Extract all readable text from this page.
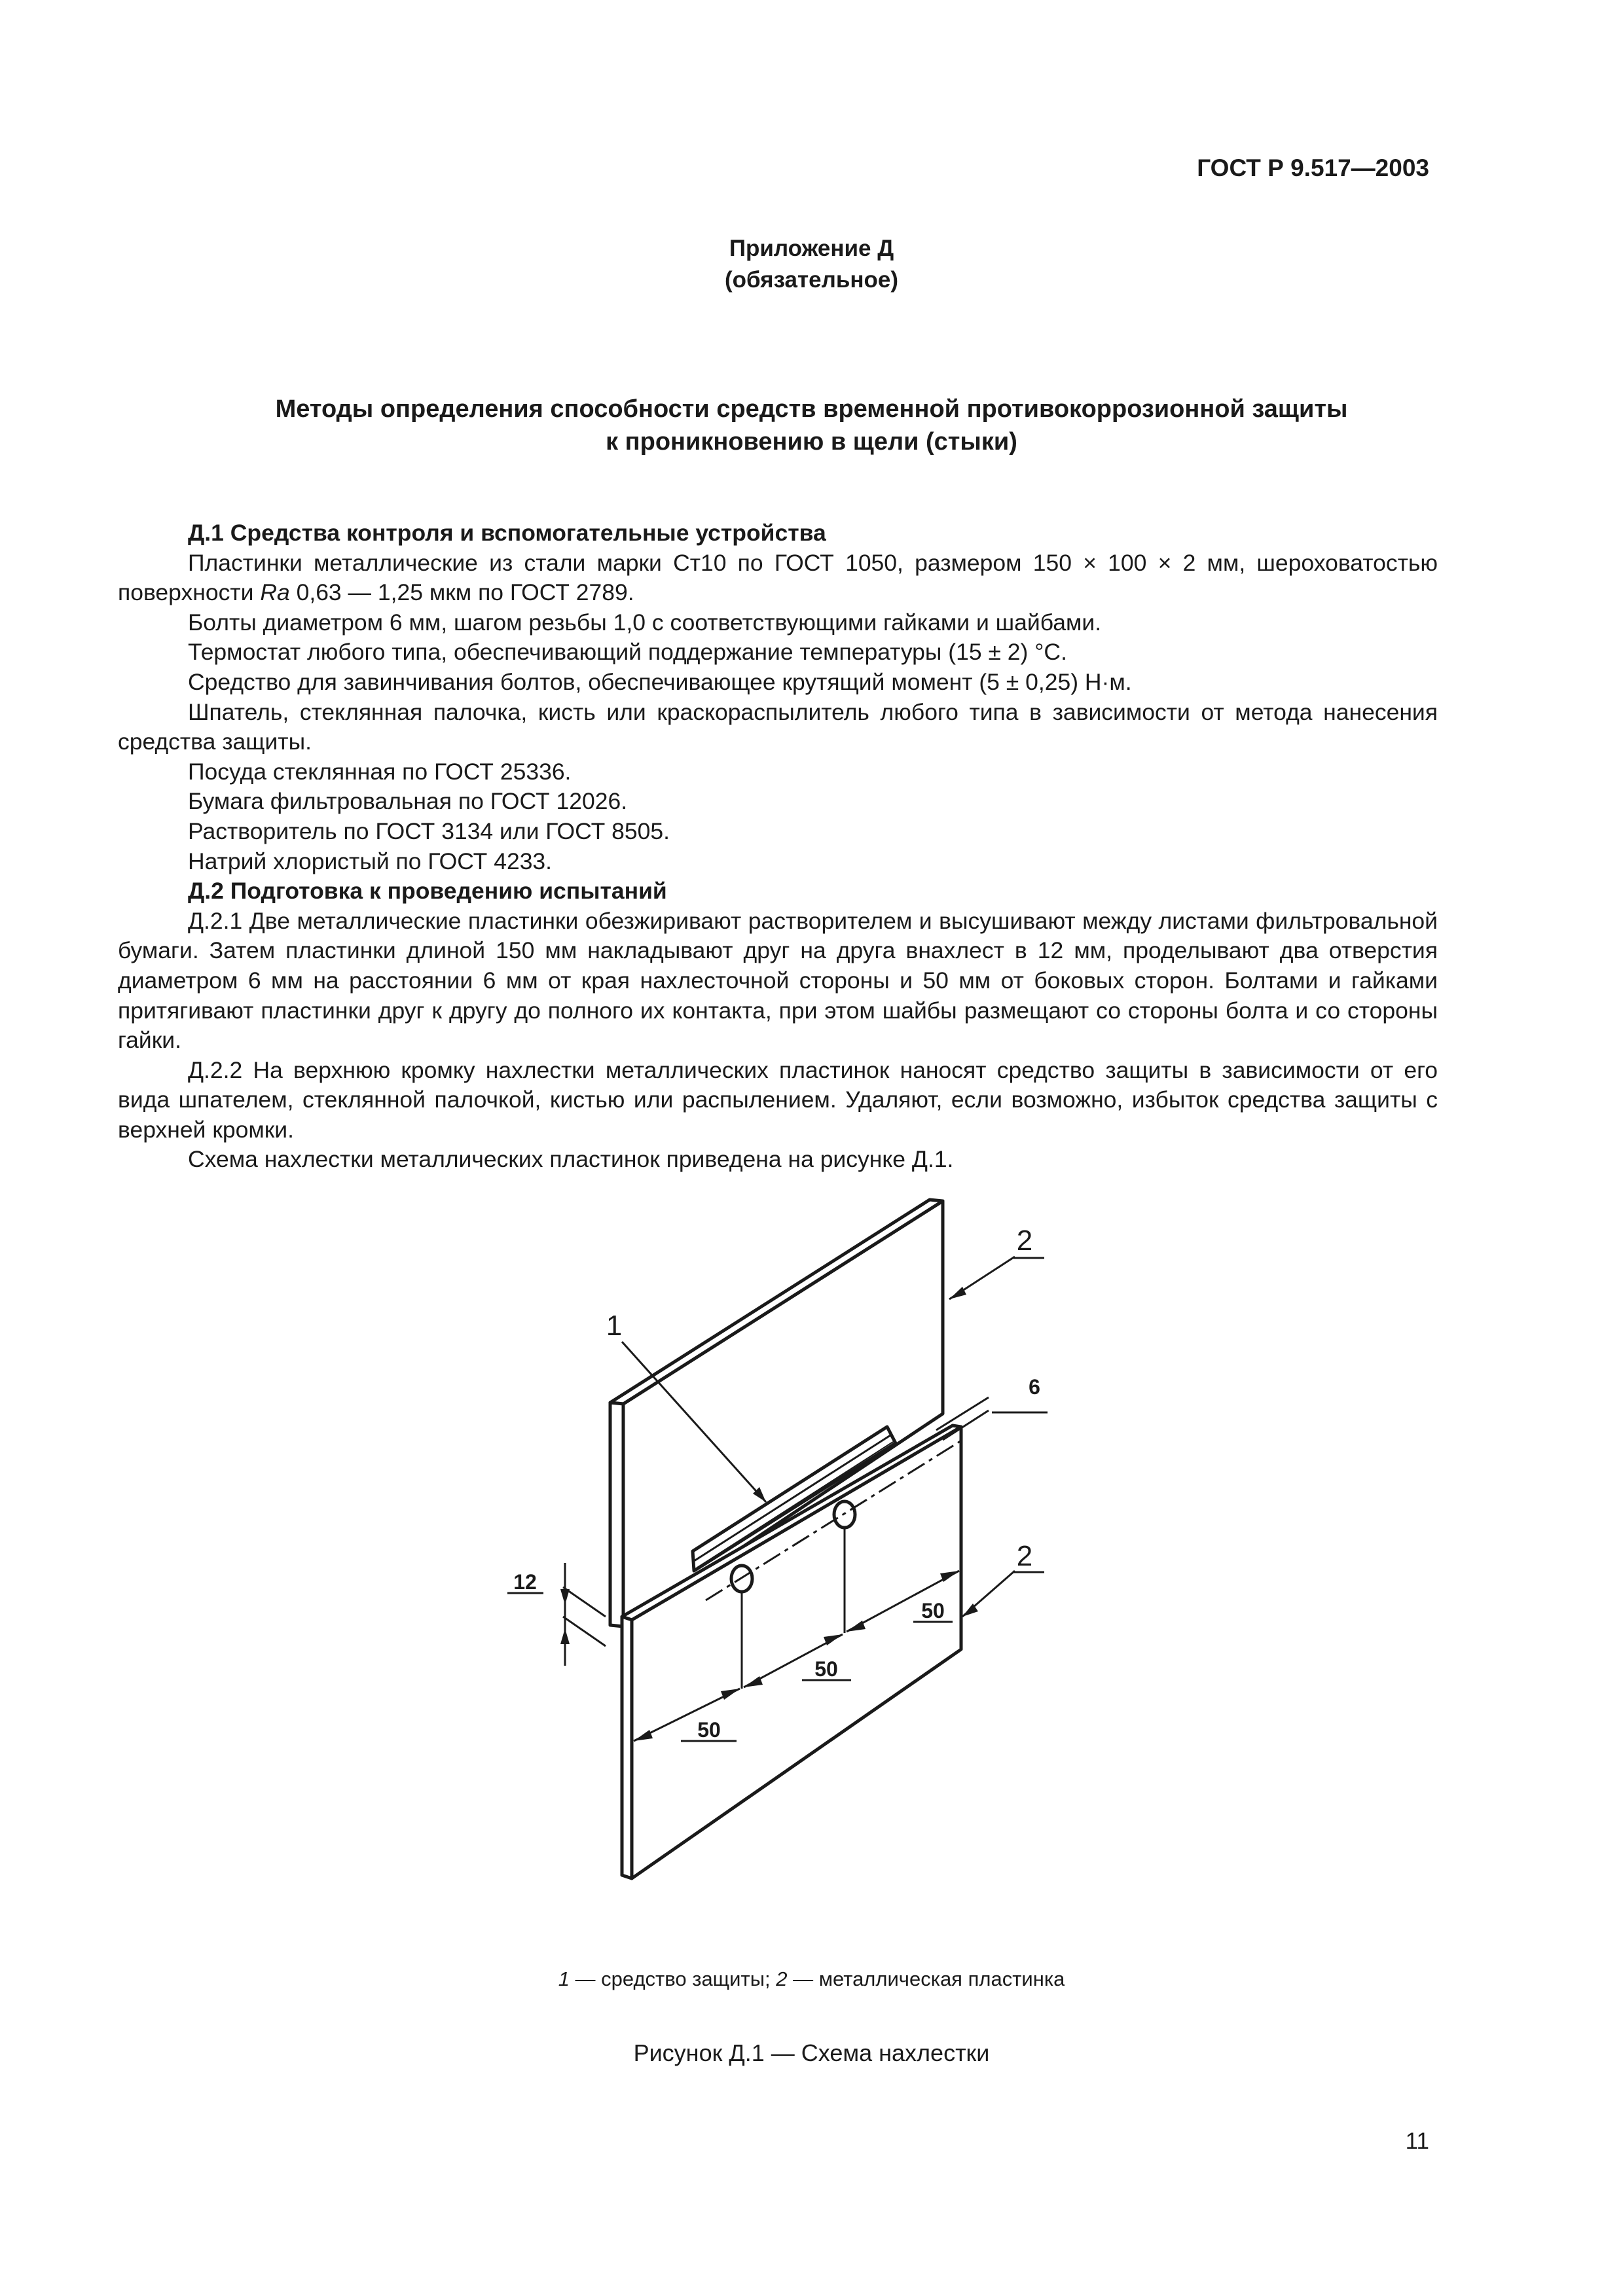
ГОСТ Р 9.517—2003
Приложение Д
(обязательное)
Методы определения способности средств временной противокоррозионной защиты
к проникновению в щели (стыки)

Д.1 Средства контроля и вспомогательные устройства

Пластинки металлические из стали марки Ст10 по ГОСТ 1050, размером 150 × 100 × 2 мм, шероховатостью поверхности Ra 0,63 — 1,25 мкм по ГОСТ 2789.

Болты диаметром 6 мм, шагом резьбы 1,0 с соответствующими гайками и шайбами.

Термостат любого типа, обеспечивающий поддержание температуры (15 ± 2) °С.

Средство для завинчивания болтов, обеспечивающее крутящий момент (5 ± 0,25) Н·м.

Шпатель, стеклянная палочка, кисть или краскораспылитель любого типа в зависимости от метода нанесения средства защиты.

Посуда стеклянная по ГОСТ 25336.

Бумага фильтровальная по ГОСТ 12026.

Растворитель по ГОСТ 3134 или ГОСТ 8505.

Натрий хлористый по ГОСТ 4233.

Д.2 Подготовка к проведению испытаний

Д.2.1 Две металлические пластинки обезжиривают растворителем и высушивают между листами фильтровальной бумаги. Затем пластинки длиной 150 мм накладывают друг на друга внахлест в 12 мм, проделывают два отверстия диаметром 6 мм на расстоянии 6 мм от края нахлесточной стороны и 50 мм от боковых сторон. Болтами и гайками притягивают пластинки друг к другу до полного их контакта, при этом шайбы размещают со стороны болта и со стороны гайки.

Д.2.2 На верхнюю кромку нахлестки металлических пластинок наносят средство защиты в зависимости от его вида шпателем, стеклянной палочкой, кистью или распылением. Удаляют, если возможно, избыток средства защиты с верхней кромки.

Схема нахлестки металлических пластинок приведена на рисунке Д.1.

1
2
2
6
12
50
50
50
1 — средство защиты; 2 — металлическая пластинка
Рисунок Д.1 — Схема нахлестки
11
